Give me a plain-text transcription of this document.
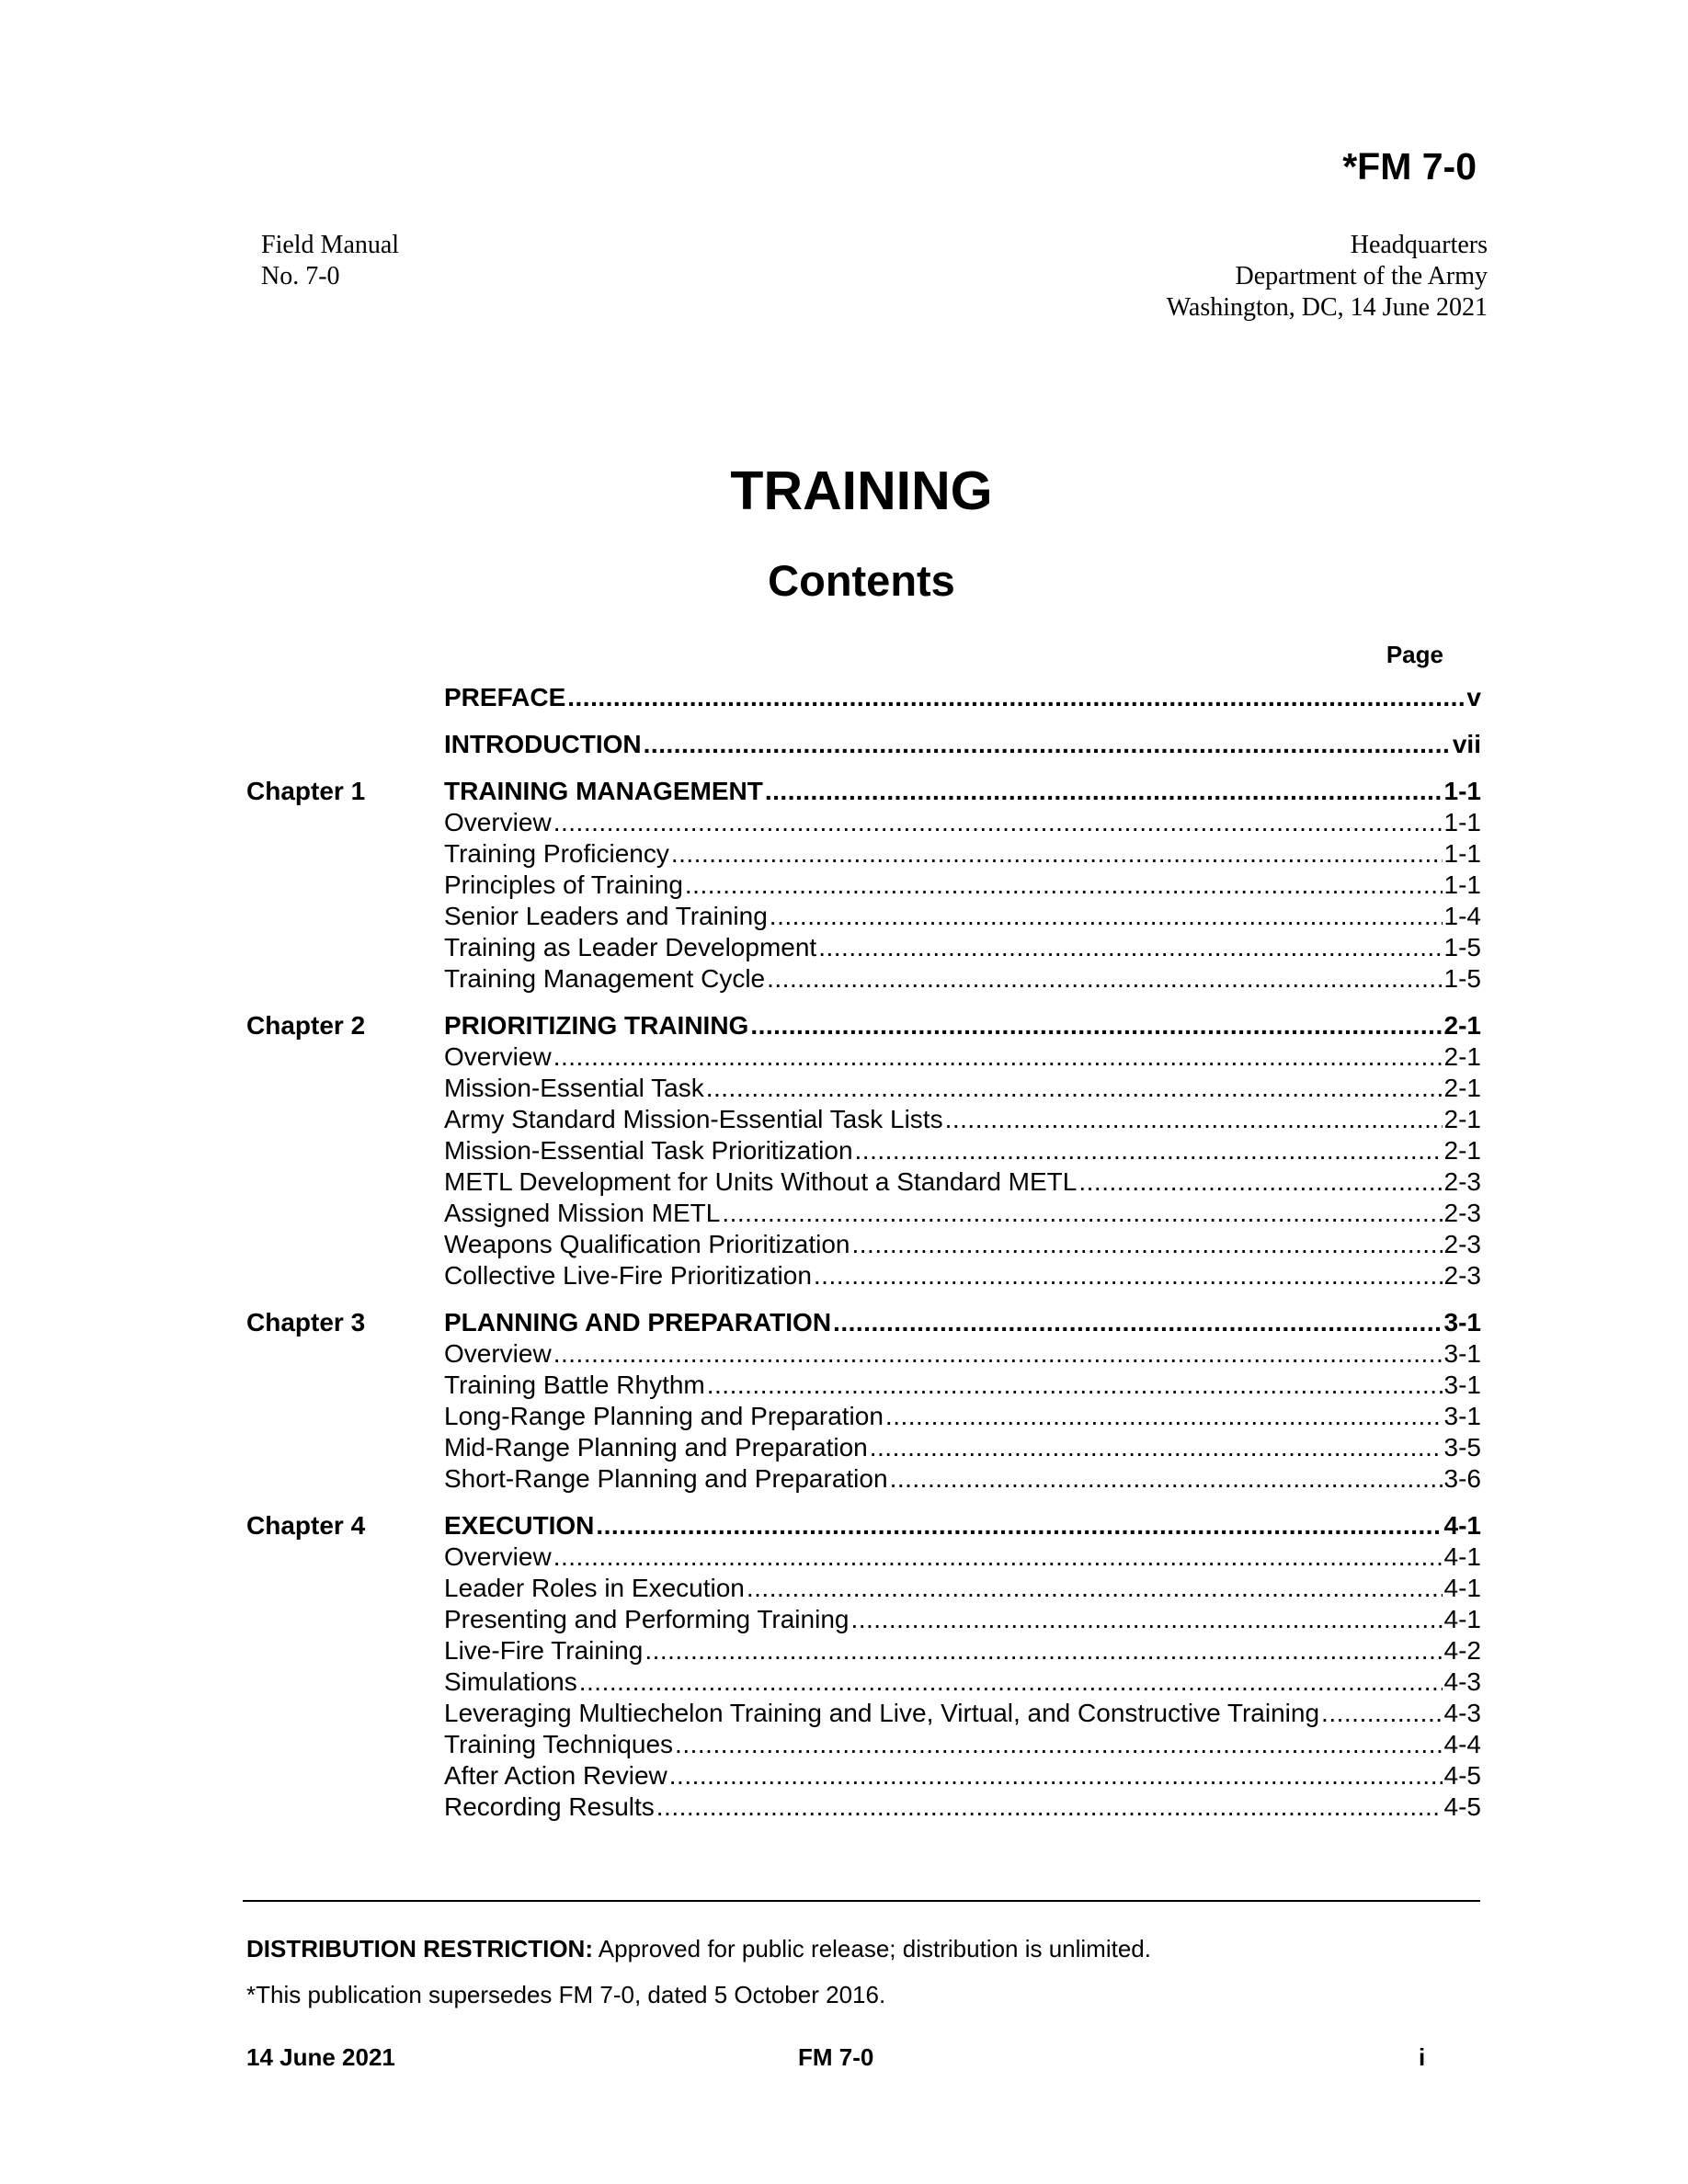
*FM 7-0
Field Manual
No. 7-0
Headquarters
Department of the Army
Washington, DC, 14 June 2021
TRAINING
Contents
Page
PREFACE .....	v
INTRODUCTION .....	vii
Chapter 1	TRAINING MANAGEMENT .....	1-1
Overview .....	1-1
Training Proficiency .....	1-1
Principles of Training .....	1-1
Senior Leaders and Training .....	1-4
Training as Leader Development .....	1-5
Training Management Cycle .....	1-5
Chapter 2	PRIORITIZING TRAINING .....	2-1
Overview .....	2-1
Mission-Essential Task .....	2-1
Army Standard Mission-Essential Task Lists .....	2-1
Mission-Essential Task Prioritization .....	2-1
METL Development for Units Without a Standard METL .....	2-3
Assigned Mission METL .....	2-3
Weapons Qualification Prioritization .....	2-3
Collective Live-Fire Prioritization .....	2-3
Chapter 3	PLANNING AND PREPARATION .....	3-1
Overview .....	3-1
Training Battle Rhythm .....	3-1
Long-Range Planning and Preparation .....	3-1
Mid-Range Planning and Preparation .....	3-5
Short-Range Planning and Preparation .....	3-6
Chapter 4	EXECUTION .....	4-1
Overview .....	4-1
Leader Roles in Execution .....	4-1
Presenting and Performing Training .....	4-1
Live-Fire Training .....	4-2
Simulations .....	4-3
Leveraging Multiechelon Training and Live, Virtual, and Constructive Training .....	4-3
Training Techniques .....	4-4
After Action Review .....	4-5
Recording Results .....	4-5
DISTRIBUTION RESTRICTION: Approved for public release; distribution is unlimited.
*This publication supersedes FM 7-0, dated 5 October 2016.
14 June 2021	FM 7-0	i
